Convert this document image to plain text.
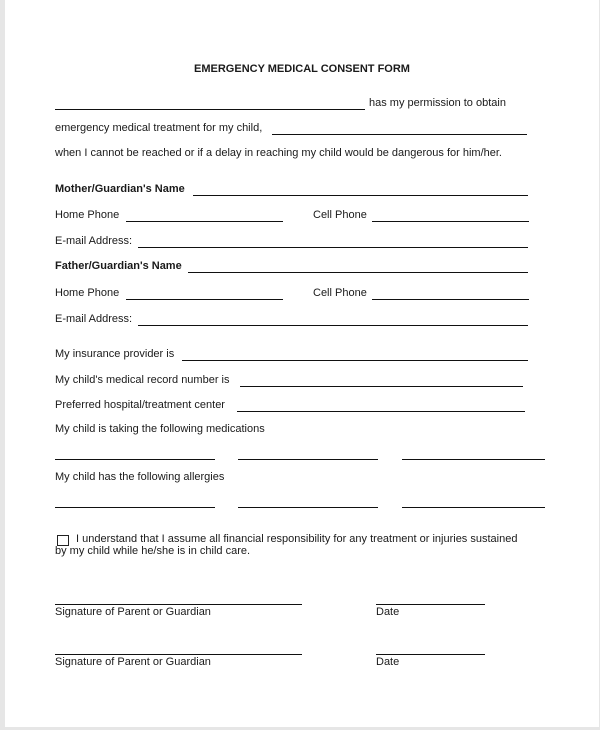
EMERGENCY MEDICAL CONSENT FORM
has my permission to obtain
emergency medical treatment for my child,
when I cannot be reached or if a delay in reaching my child would be dangerous for him/her.
Mother/Guardian's Name
Home Phone	Cell Phone
E-mail Address:
Father/Guardian's Name
Home Phone	Cell Phone
E-mail Address:
My insurance provider is
My child's medical record number is
Preferred hospital/treatment center
My child is taking the following medications
My child has the following allergies
I understand that I assume all financial responsibility for any treatment or injuries sustained
by my child while he/she is in child care.
Signature of Parent or Guardian	Date
Signature of Parent or Guardian	Date
